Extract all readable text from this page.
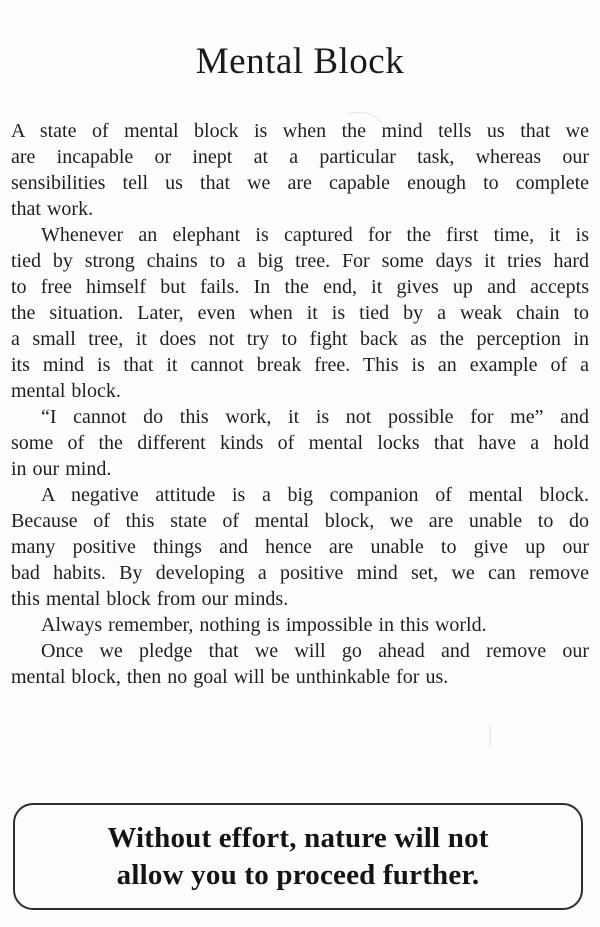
Mental Block
A state of mental block is when the mind tells us that we
are incapable or inept at a particular task, whereas our
sensibilities tell us that we are capable enough to complete
that work.
Whenever an elephant is captured for the first time, it is
tied by strong chains to a big tree. For some days it tries hard
to free himself but fails. In the end, it gives up and accepts
the situation. Later, even when it is tied by a weak chain to
a small tree, it does not try to fight back as the perception in
its mind is that it cannot break free. This is an example of a
mental block.
“I cannot do this work, it is not possible for me” and
some of the different kinds of mental locks that have a hold
in our mind.
A negative attitude is a big companion of mental block.
Because of this state of mental block, we are unable to do
many positive things and hence are unable to give up our
bad habits. By developing a positive mind set, we can remove
this mental block from our minds.
Always remember, nothing is impossible in this world.
Once we pledge that we will go ahead and remove our
mental block, then no goal will be unthinkable for us.
Without effort, nature will not
allow you to proceed further.
